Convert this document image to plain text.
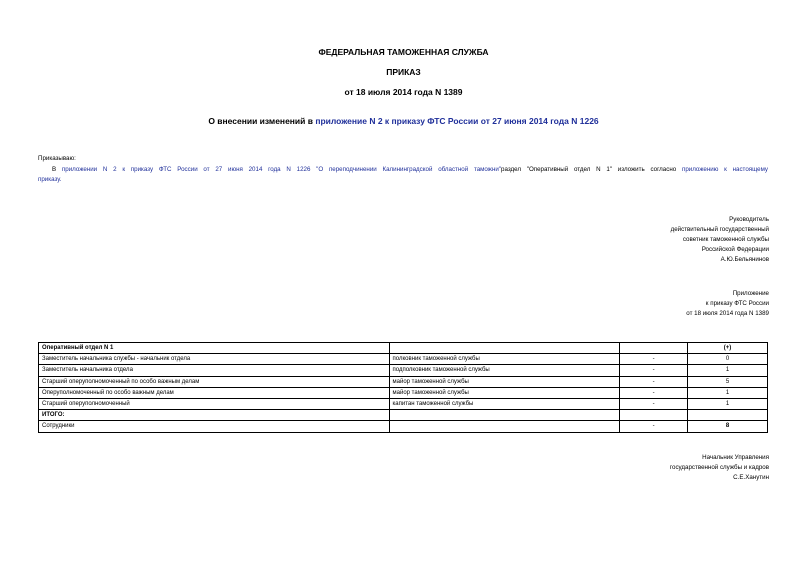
ФЕДЕРАЛЬНАЯ ТАМОЖЕННАЯ СЛУЖБА
ПРИКАЗ
от 18 июля 2014 года N 1389
О внесении изменений в приложение N 2 к приказу ФТС России от 27 июня 2014 года N 1226
Приказываю:
В приложении N 2 к приказу ФТС России от 27 июня 2014 года N 1226 "О переподчинении Калининградской областной таможни"раздел "Оперативный отдел N 1" изложить согласно приложению к настоящему
приказу.
Руководитель
действительный государственный
советник таможенной службы
Российской Федерации
А.Ю.Бельянинов
Приложение
к приказу ФТС России
от 18 июля 2014 года N 1389
Оперативный отдел N 1			(+)
Заместитель начальника службы - начальник отдела	полковник таможенной службы	-	0
Заместитель начальника отдела	подполковник таможенной службы	-	1
Старший оперуполномоченный по особо важным делам	майор таможенной службы	-	5
Оперуполномоченный по особо важным делам	майор таможенной службы	-	1
Старший оперуполномоченный	капитан таможенной службы	-	1
ИТОГО:			
Сотрудники		-	8
Начальник Управления
государственной службы и кадров
С.Е.Ханутин
